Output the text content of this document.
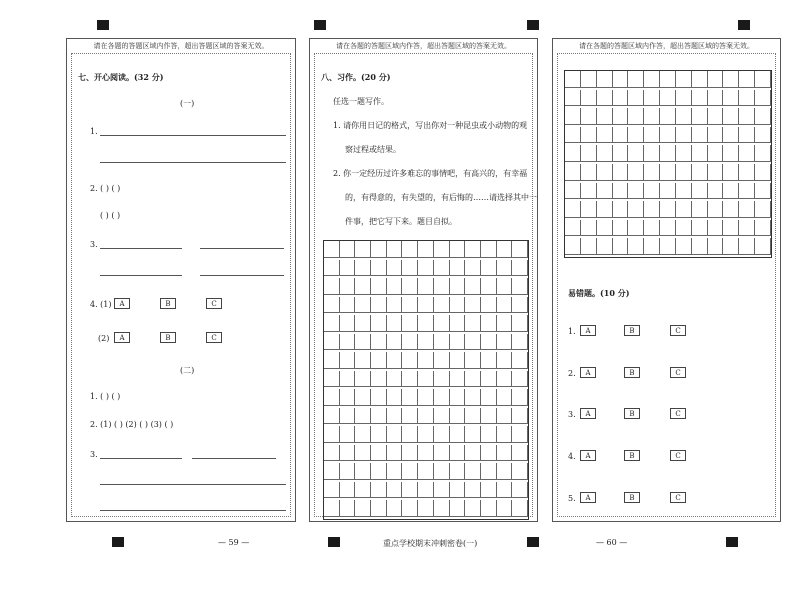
请在各题的答题区域内作答，超出答题区域的答案无效。
七、开心阅读。(32 分)
(一)
1.
2. ( ) ( )
( ) ( )
3.
4. (1)	A	B	C
(2)	A	B	C
(二)
1. ( ) ( )
2. (1) ( ) (2) ( ) (3) ( )
3.
请在各题的答题区域内作答，超出答题区域的答案无效。
八、习作。(20 分)
任选一题写作。
1. 请你用日记的格式，写出你对一种昆虫或小动物的观
察过程或结果。
2. 你一定经历过许多难忘的事情吧，有高兴的，有幸福
的，有得意的，有失望的，有后悔的……请选择其中一
件事，把它写下来。题目自拟。
请在各题的答题区域内作答，超出答题区域的答案无效。
易错题。(10 分)
1.	A	B	C
2.	A	B	C
3.	A	B	C
4.	A	B	C
5.	A	B	C
— 59 —	重点学校期末冲刺密卷(一)	— 60 —
